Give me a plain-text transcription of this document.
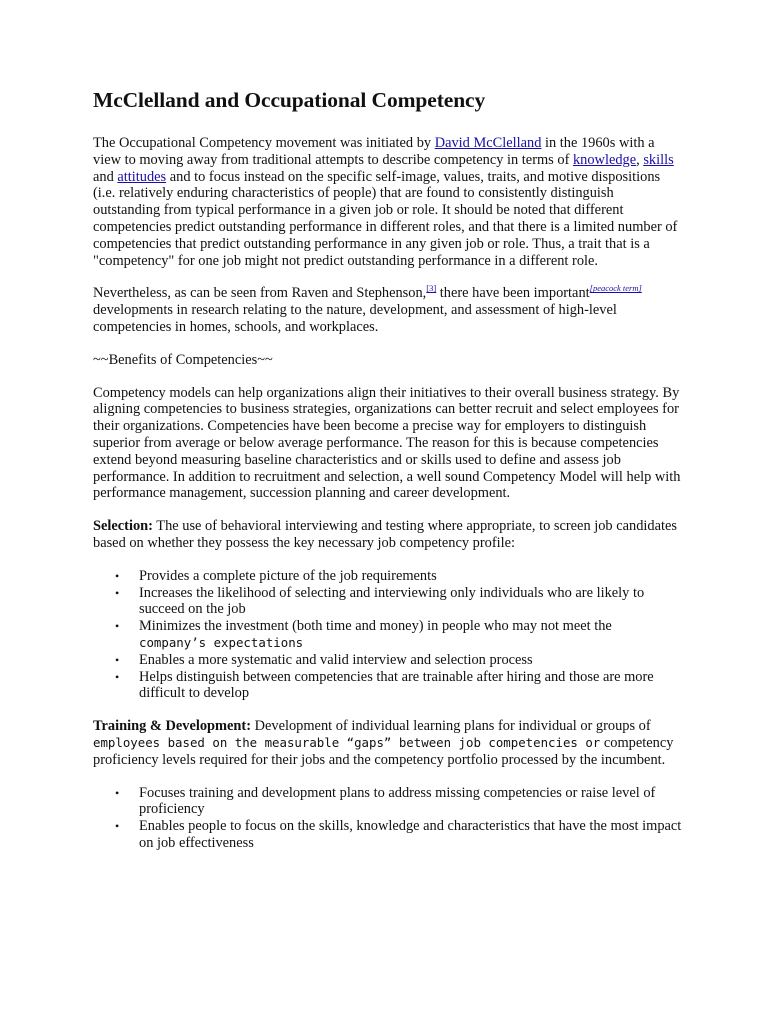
McClelland and Occupational Competency

The Occupational Competency movement was initiated by David McClelland in the 1960s with a view to moving away from traditional attempts to describe competency in terms of knowledge, skills and attitudes and to focus instead on the specific self-image, values, traits, and motive dispositions (i.e. relatively enduring characteristics of people) that are found to consistently distinguish outstanding from typical performance in a given job or role. It should be noted that different competencies predict outstanding performance in different roles, and that there is a limited number of competencies that predict outstanding performance in any given job or role. Thus, a trait that is a "competency" for one job might not predict outstanding performance in a different role.

Nevertheless, as can be seen from Raven and Stephenson,[3] there have been important[peacock term] developments in research relating to the nature, development, and assessment of high-level competencies in homes, schools, and workplaces.

~~Benefits of Competencies~~

Competency models can help organizations align their initiatives to their overall business strategy. By aligning competencies to business strategies, organizations can better recruit and select employees for their organizations. Competencies have been become a precise way for employers to distinguish superior from average or below average performance. The reason for this is because competencies extend beyond measuring baseline characteristics and or skills used to define and assess job performance. In addition to recruitment and selection, a well sound Competency Model will help with performance management, succession planning and career development.

Selection: The use of behavioral interviewing and testing where appropriate, to screen job candidates based on whether they possess the key necessary job competency profile:

• Provides a complete picture of the job requirements
• Increases the likelihood of selecting and interviewing only individuals who are likely to succeed on the job
• Minimizes the investment (both time and money) in people who may not meet the
company’s expectations
• Enables a more systematic and valid interview and selection process
• Helps distinguish between competencies that are trainable after hiring and those are more difficult to develop

Training & Development: Development of individual learning plans for individual or groups of employees based on the measurable “gaps” between job competencies or competency proficiency levels required for their jobs and the competency portfolio processed by the incumbent.

• Focuses training and development plans to address missing competencies or raise level of proficiency
• Enables people to focus on the skills, knowledge and characteristics that have the most impact on job effectiveness
